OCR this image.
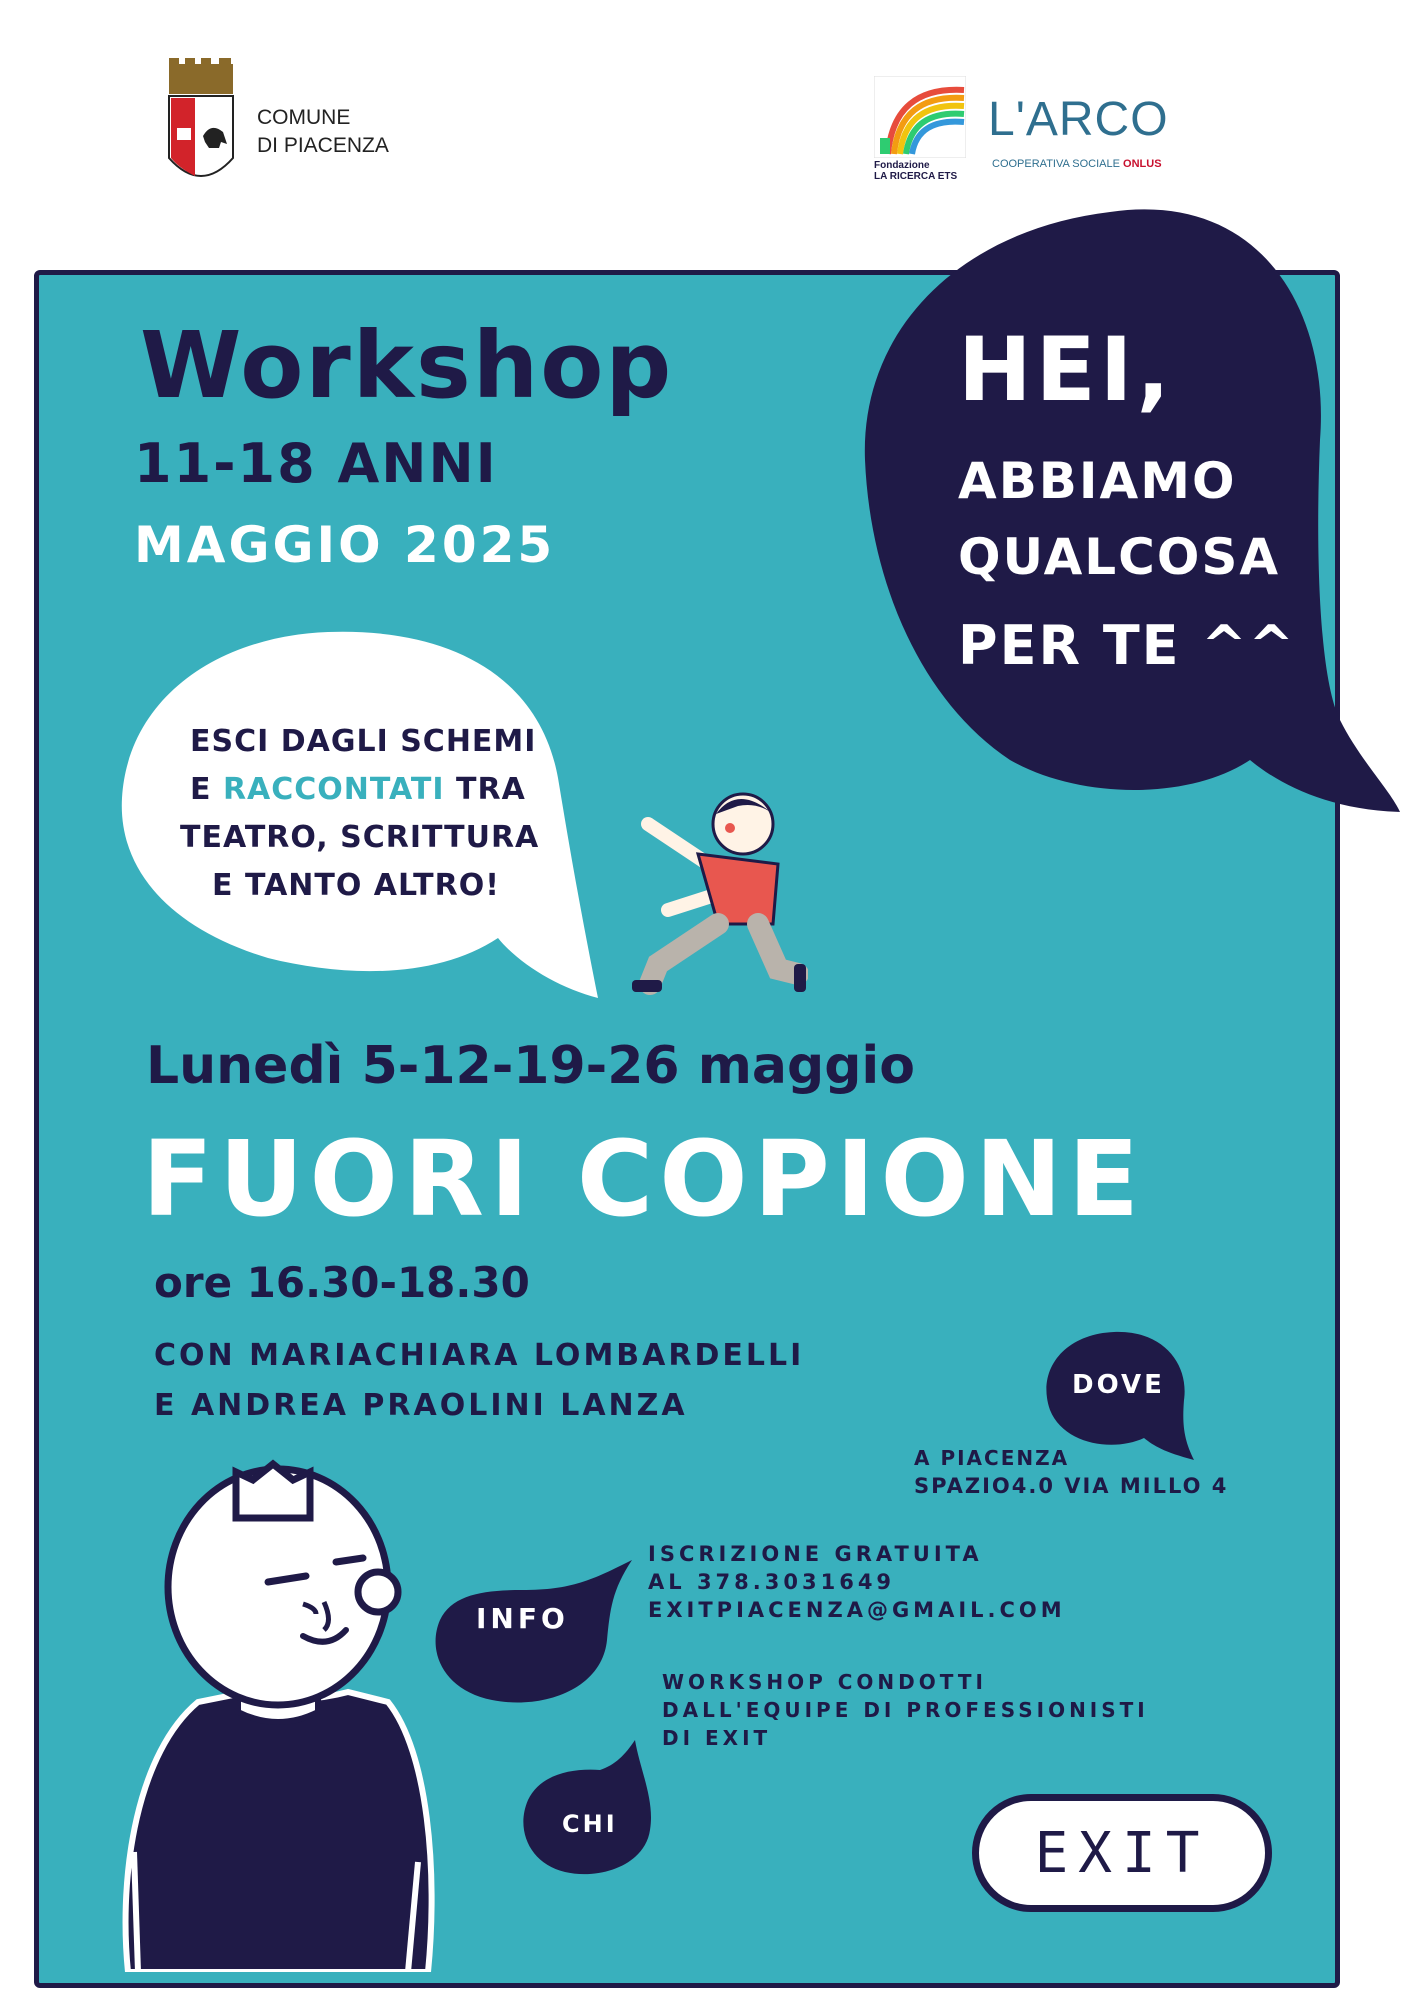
COMUNE
DI PIACENZA
Fondazione
LA RICERCA ETS
L'ARCO
COOPERATIVA SOCIALE ONLUS
HEI,
ABBIAMO
QUALCOSA
PER TE ^^
Workshop
11-18 ANNI
MAGGIO 2025
ESCI DAGLI SCHEMI
E RACCONTATI TRA
TEATRO, SCRITTURA
E TANTO ALTRO!
Lunedì 5-12-19-26 maggio
FUORI COPIONE
ore 16.30-18.30
CON MARIACHIARA LOMBARDELLI
E ANDREA PRAOLINI LANZA
DOVE
A PIACENZA
SPAZIO4.0 VIA MILLO 4
INFO
ISCRIZIONE GRATUITA
AL 378.3031649
EXITPIACENZA@GMAIL.COM
CHI
WORKSHOP CONDOTTI
DALL'EQUIPE DI PROFESSIONISTI
DI EXIT
EXIT
